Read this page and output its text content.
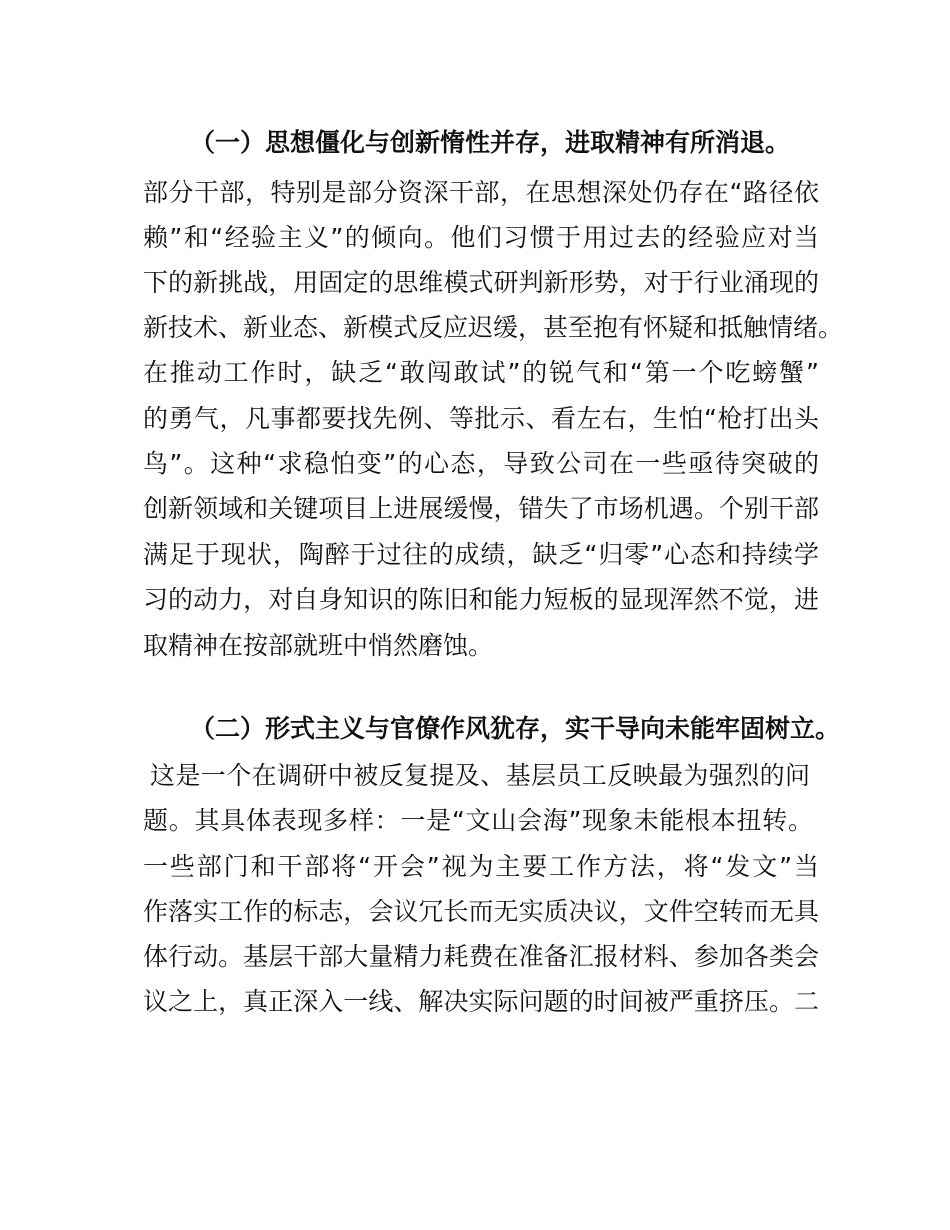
（一）思想僵化与创新惰性并存，进取精神有所消退。
部分干部，特别是部分资深干部，在思想深处仍存在“路径依
赖”和“经验主义”的倾向。他们习惯于用过去的经验应对当
下的新挑战，用固定的思维模式研判新形势，对于行业涌现的
新技术、新业态、新模式反应迟缓，甚至抱有怀疑和抵触情绪。
在推动工作时，缺乏“敢闯敢试”的锐气和“第一个吃螃蟹”
的勇气，凡事都要找先例、等批示、看左右，生怕“枪打出头
鸟”。这种“求稳怕变”的心态，导致公司在一些亟待突破的
创新领域和关键项目上进展缓慢，错失了市场机遇。个别干部
满足于现状，陶醉于过往的成绩，缺乏“归零”心态和持续学
习的动力，对自身知识的陈旧和能力短板的显现浑然不觉，进
取精神在按部就班中悄然磨蚀。
（二）形式主义与官僚作风犹存，实干导向未能牢固树立。
这是一个在调研中被反复提及、基层员工反映最为强烈的问
题。其具体表现多样：一是“文山会海”现象未能根本扭转。
一些部门和干部将“开会”视为主要工作方法，将“发文”当
作落实工作的标志，会议冗长而无实质决议，文件空转而无具
体行动。基层干部大量精力耗费在准备汇报材料、参加各类会
议之上，真正深入一线、解决实际问题的时间被严重挤压。二
